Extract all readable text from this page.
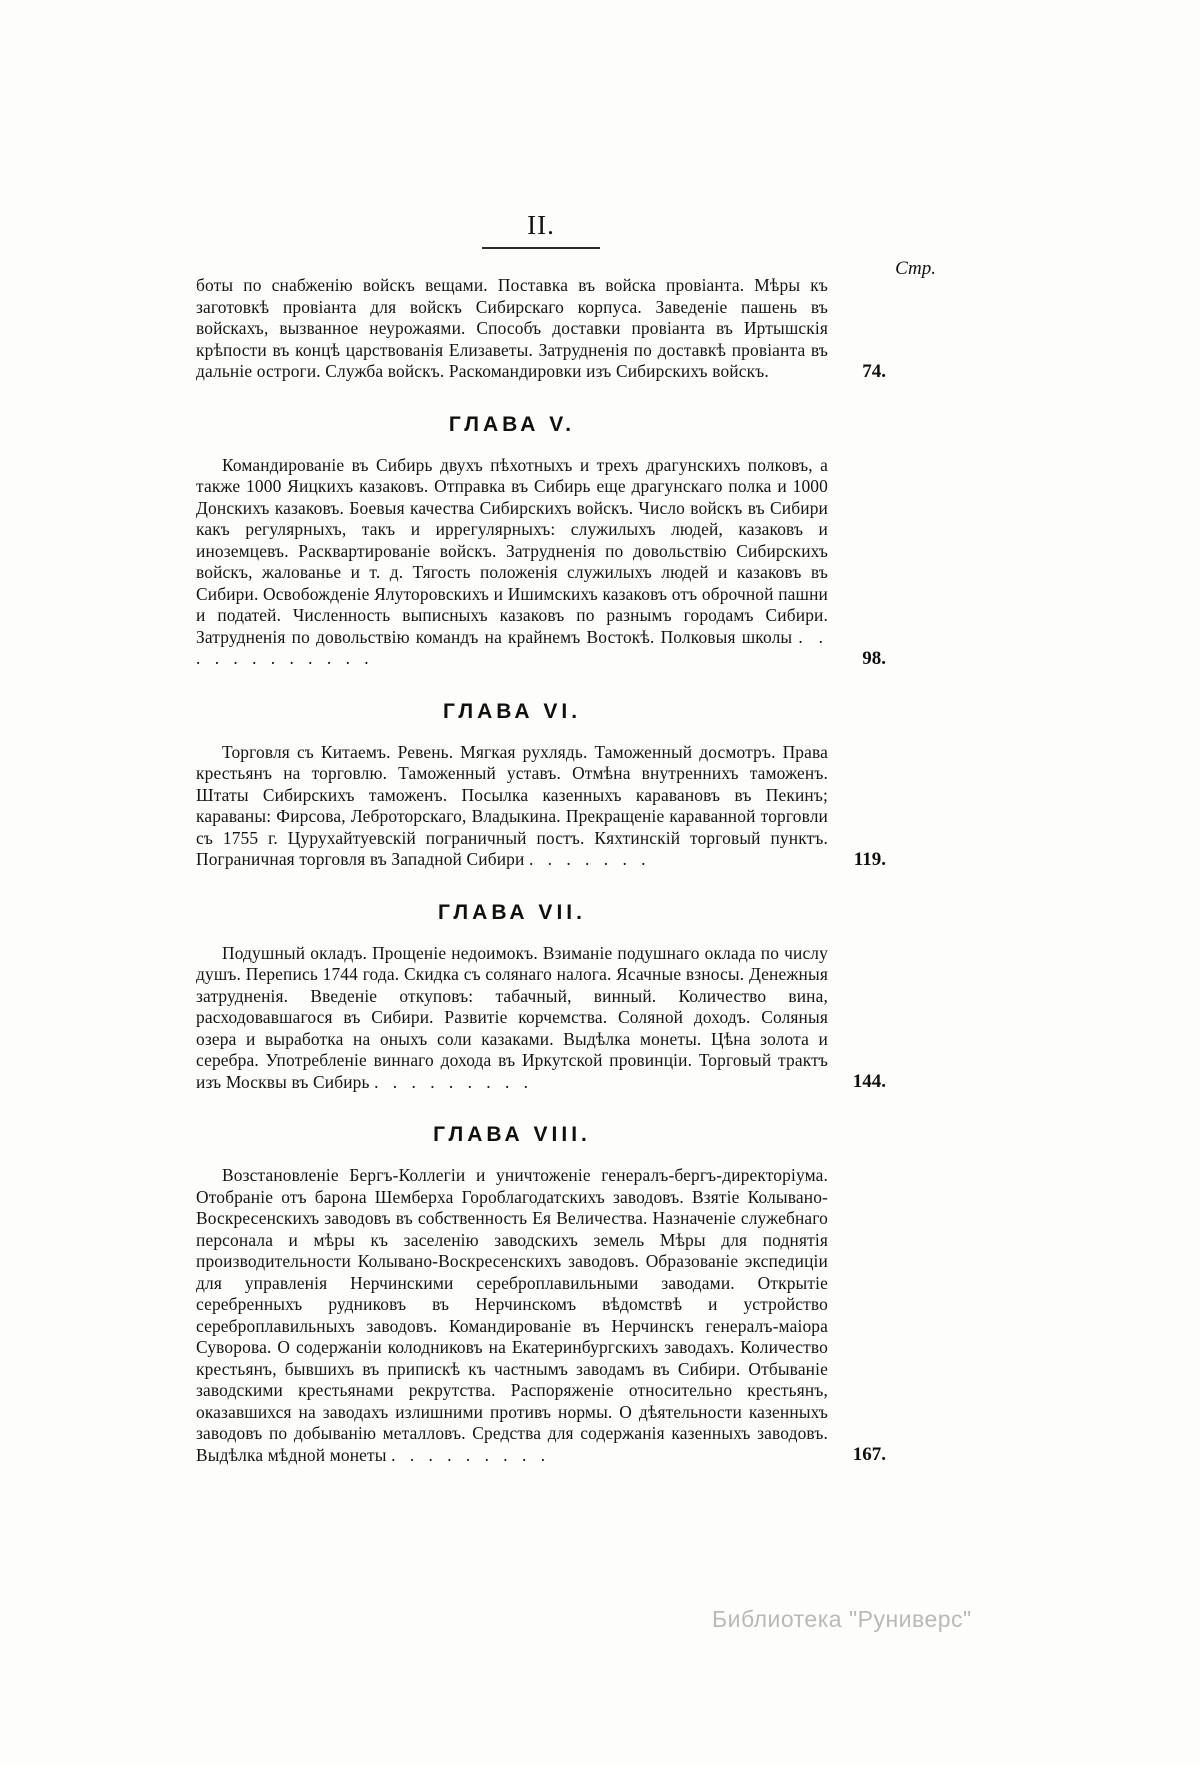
II.
Стр.

боты по снабженію войскъ вещами. Поставка въ войска провіанта. Мѣры къ заготовкѣ провіанта для войскъ Сибирскаго корпуса. Заведеніе пашень въ войскахъ, вызванное неурожаями. Способъ доставки провіанта въ Иртышскія крѣпости въ концѣ царствованія Елизаветы. Затрудненія по доставкѣ провіанта въ дальніе остроги. Служба войскъ. Раскомандировки изъ Сибирскихъ войскъ.	74.
ГЛАВА V.

Командированіе въ Сибирь двухъ пѣхотныхъ и трехъ драгунскихъ полковъ, а также 1000 Яицкихъ казаковъ. Отправка въ Сибирь еще драгунскаго полка и 1000 Донскихъ казаковъ. Боевыя качества Сибирскихъ войскъ. Число войскъ въ Сибири какъ регулярныхъ, такъ и иррегулярныхъ: служилыхъ людей, казаковъ и иноземцевъ. Расквартированіе войскъ. Затрудненія по довольствію Сибирскихъ войскъ, жалованье и т. д. Тягость положенія служилыхъ людей и казаковъ въ Сибири. Освобожденіе Ялуторовскихъ и Ишимскихъ казаковъ отъ оброчной пашни и податей. Численность выписныхъ казаковъ по разнымъ городамъ Сибири. Затрудненія по довольствію командъ на крайнемъ Востокѣ. Полковыя школы . . . . . . . . . . . .	98.
ГЛАВА VI.

Торговля съ Китаемъ. Ревень. Мягкая рухлядь. Таможенный досмотръ. Права крестьянъ на торговлю. Таможенный уставъ. Отмѣна внутреннихъ таможенъ. Штаты Сибирскихъ таможенъ. Посылка казенныхъ каравановъ въ Пекинъ; караваны: Фирсова, Леброторскаго, Владыкина. Прекращеніе караванной торговли съ 1755 г. Цурухайтуевскій пограничный постъ. Кяхтинскій торговый пунктъ. Пограничная торговля въ Западной Сибири . . . . . . .	119.
ГЛАВА VII.

Подушный окладъ. Прощеніе недоимокъ. Взиманіе подушнаго оклада по числу душъ. Перепись 1744 года. Скидка съ солянаго налога. Ясачные взносы. Денежныя затрудненія. Введеніе откуповъ: табачный, винный. Количество вина, расходовавшагося въ Сибири. Развитіе корчемства. Соляной доходъ. Соляныя озера и выработка на оныхъ соли казаками. Выдѣлка монеты. Цѣна золота и серебра. Употребленіе виннаго дохода въ Иркутской провинціи. Торговый трактъ изъ Москвы въ Сибирь . . . . . . . . .	144.
ГЛАВА VIII.

Возстановленіе Бергъ-Коллегіи и уничтоженіе генералъ-бергъ-директоріума. Отобраніе отъ барона Шемберха Гороблагодатскихъ заводовъ. Взятіе Колывано-Воскресенскихъ заводовъ въ собственность Ея Величества. Назначеніе служебнаго персонала и мѣры къ заселенію заводскихъ земель Мѣры для поднятія производительности Колывано-Воскресенскихъ заводовъ. Образованіе экспедиціи для управленія Нерчинскими сереброплавильными заводами. Открытіе серебренныхъ рудниковъ въ Нерчинскомъ вѣдомствѣ и устройство сереброплавильныхъ заводовъ. Командированіе въ Нерчинскъ генералъ-маіора Суворова. О содержаніи колодниковъ на Екатеринбургскихъ заводахъ. Количество крестьянъ, бывшихъ въ припискѣ къ частнымъ заводамъ въ Сибири. Отбываніе заводскими крестьянами рекрутства. Распоряженіе относительно крестьянъ, оказавшихся на заводахъ излишними противъ нормы. О дѣятельности казенныхъ заводовъ по добыванію металловъ. Средства для содержанія казенныхъ заводовъ. Выдѣлка мѣдной монеты . . . . . . . . .	167.
Библиотека "Руниверс"
